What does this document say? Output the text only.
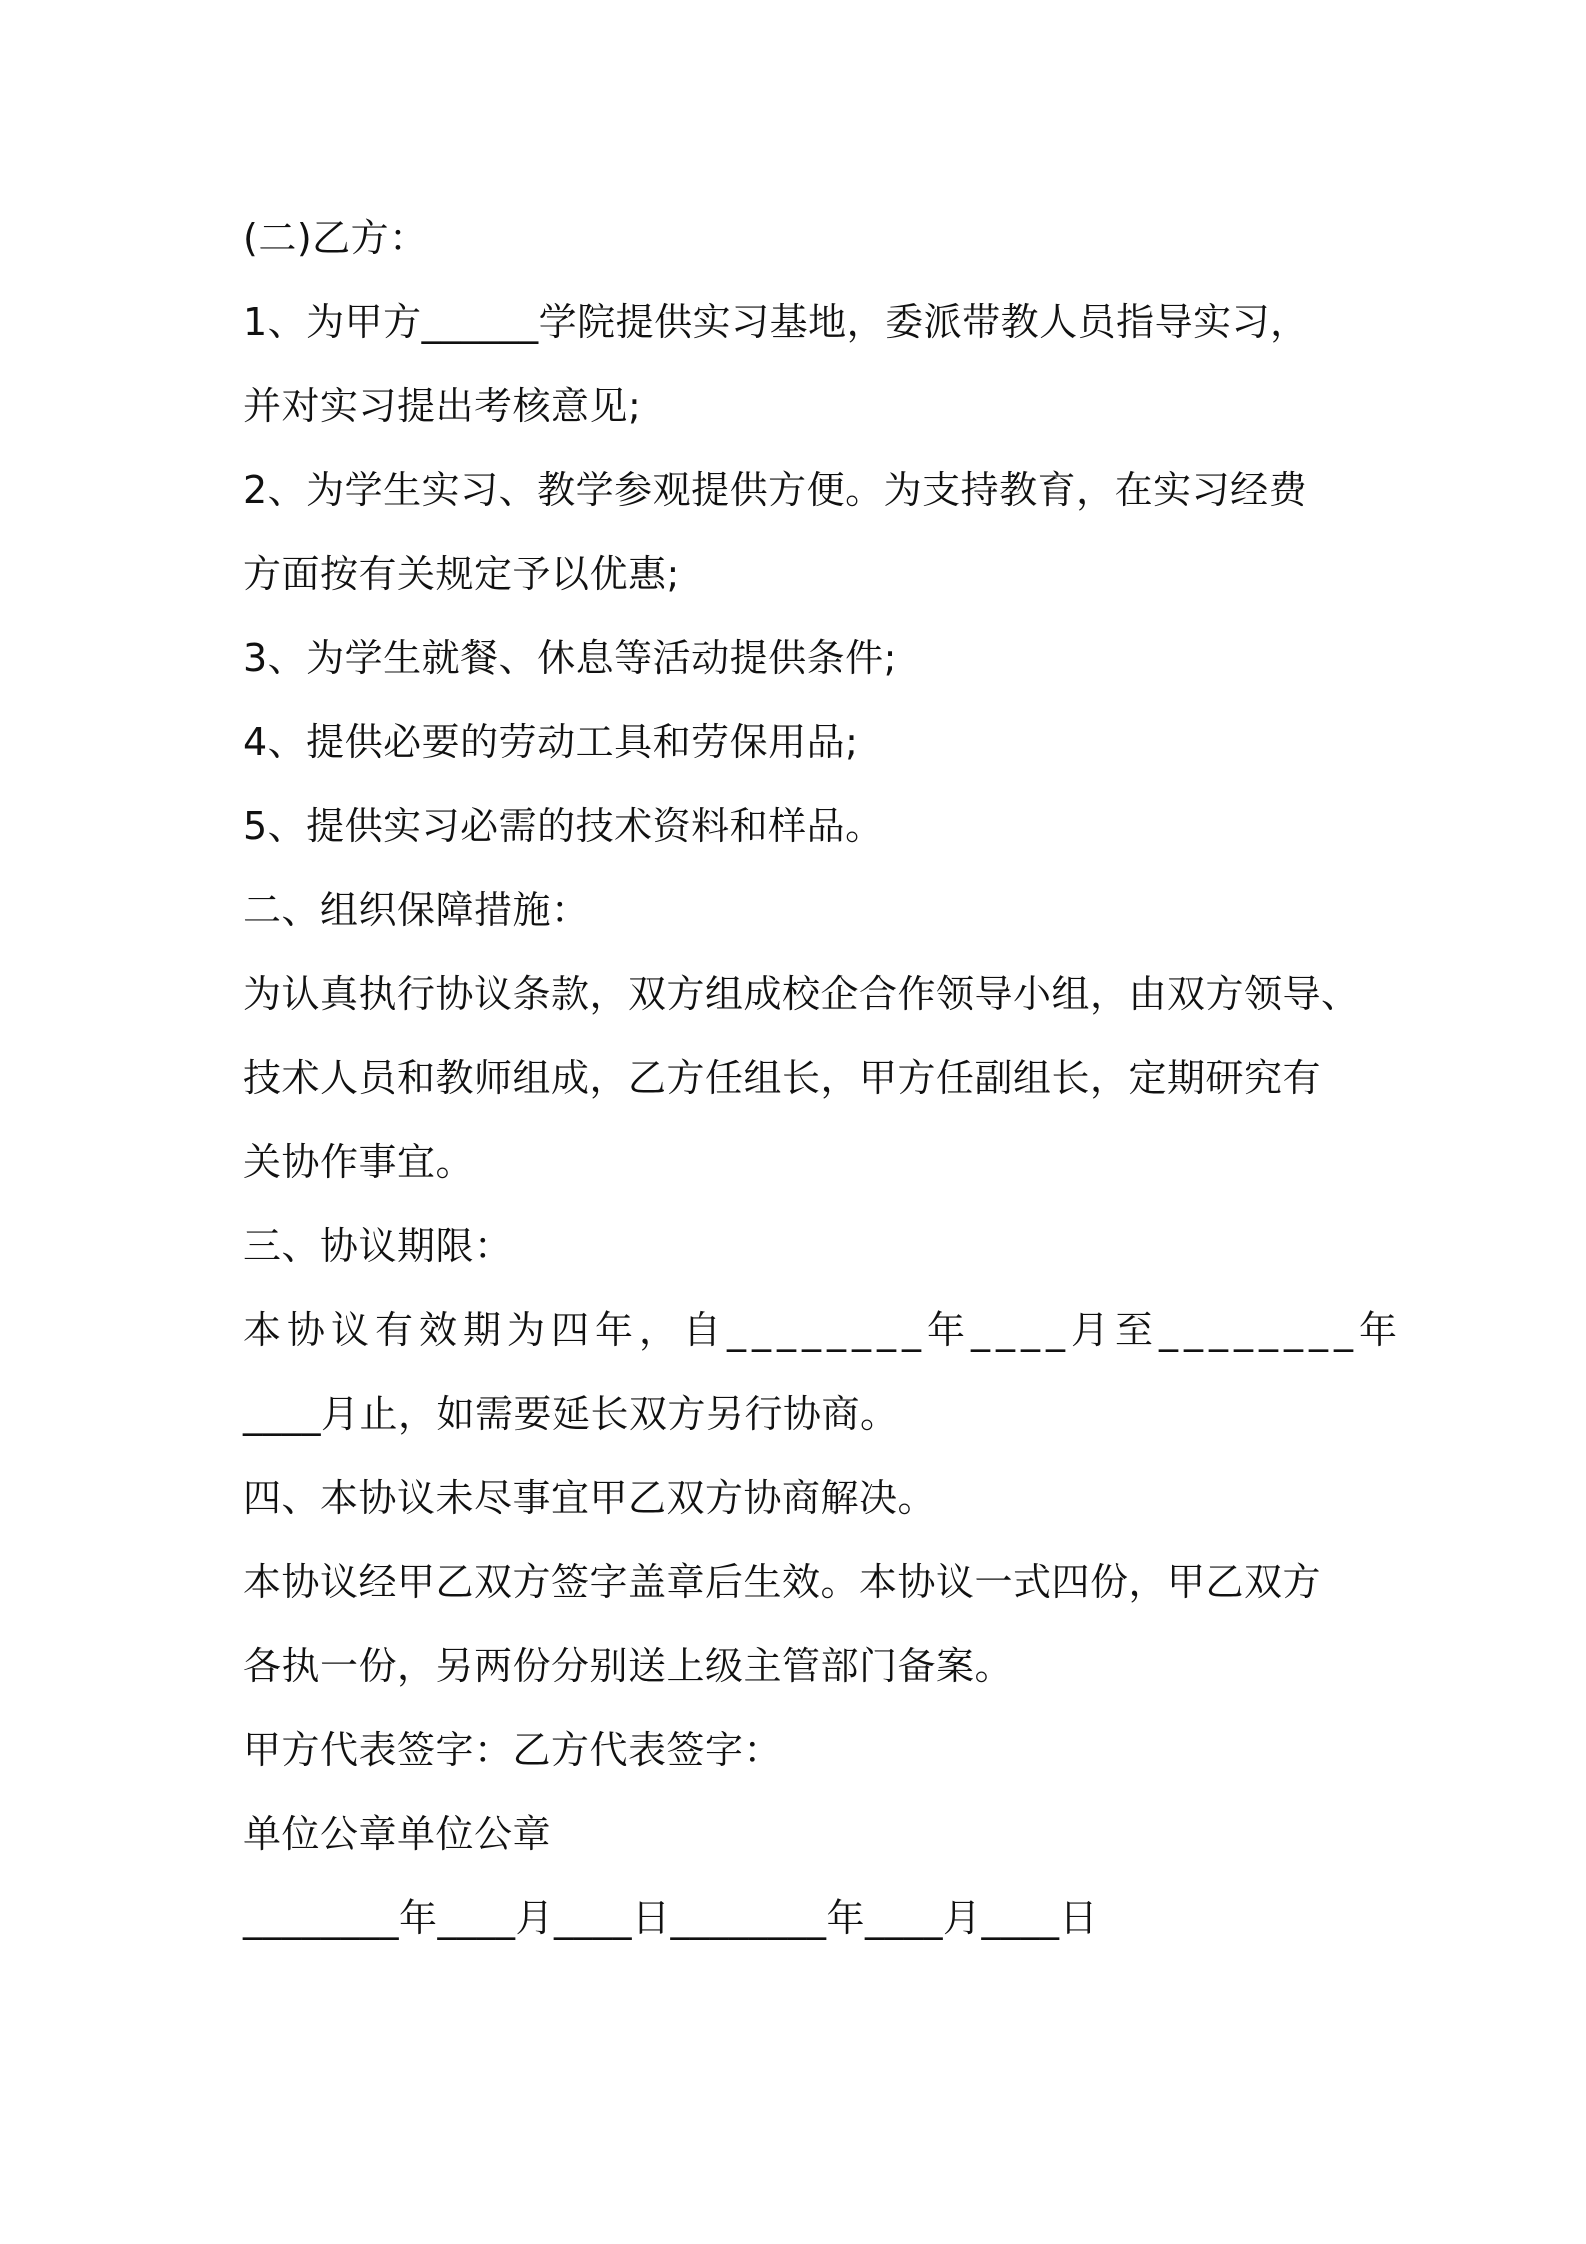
(二)乙方：
1、为甲方______学院提供实习基地，委派带教人员指导实习，
并对实习提出考核意见;
2、为学生实习、教学参观提供方便。为支持教育，在实习经费
方面按有关规定予以优惠;
3、为学生就餐、休息等活动提供条件;
4、提供必要的劳动工具和劳保用品;
5、提供实习必需的技术资料和样品。
二、组织保障措施：
为认真执行协议条款，双方组成校企合作领导小组，由双方领导、
技术人员和教师组成，乙方任组长，甲方任副组长，定期研究有
关协作事宜。
三、协议期限：
本协议有效期为四年，自________年____月至________年
____月止，如需要延长双方另行协商。
四、本协议未尽事宜甲乙双方协商解决。
本协议经甲乙双方签字盖章后生效。本协议一式四份，甲乙双方
各执一份，另两份分别送上级主管部门备案。
甲方代表签字：乙方代表签字：
单位公章单位公章
________年____月____日________年____月____日
